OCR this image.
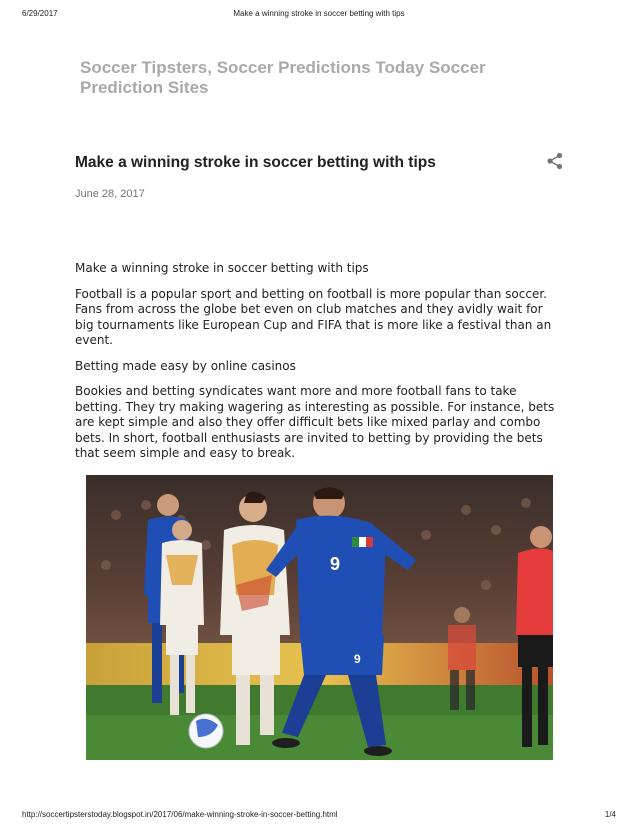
6/29/2017	Make a winning stroke in soccer betting with tips
Soccer Tipsters, Soccer Predictions Today Soccer Prediction Sites
Make a winning stroke in soccer betting with tips
June 28, 2017

Make a winning stroke in soccer betting with tips

Football is a popular sport and betting on football is more popular than soccer. Fans from across the globe bet even on club matches and they avidly wait for big tournaments like European Cup and FIFA that is more like a festival than an event.

Betting made easy by online casinos

Bookies and betting syndicates want more and more football fans to take betting. They try making wagering as interesting as possible. For instance, bets are kept simple and also they offer difficult bets like mixed parlay and combo bets. In short, football enthusiasts are invited to betting by providing the bets that seem simple and easy to break.

9
9
http://soccertipsterstoday.blogspot.in/2017/06/make-winning-stroke-in-soccer-betting.html	1/4
